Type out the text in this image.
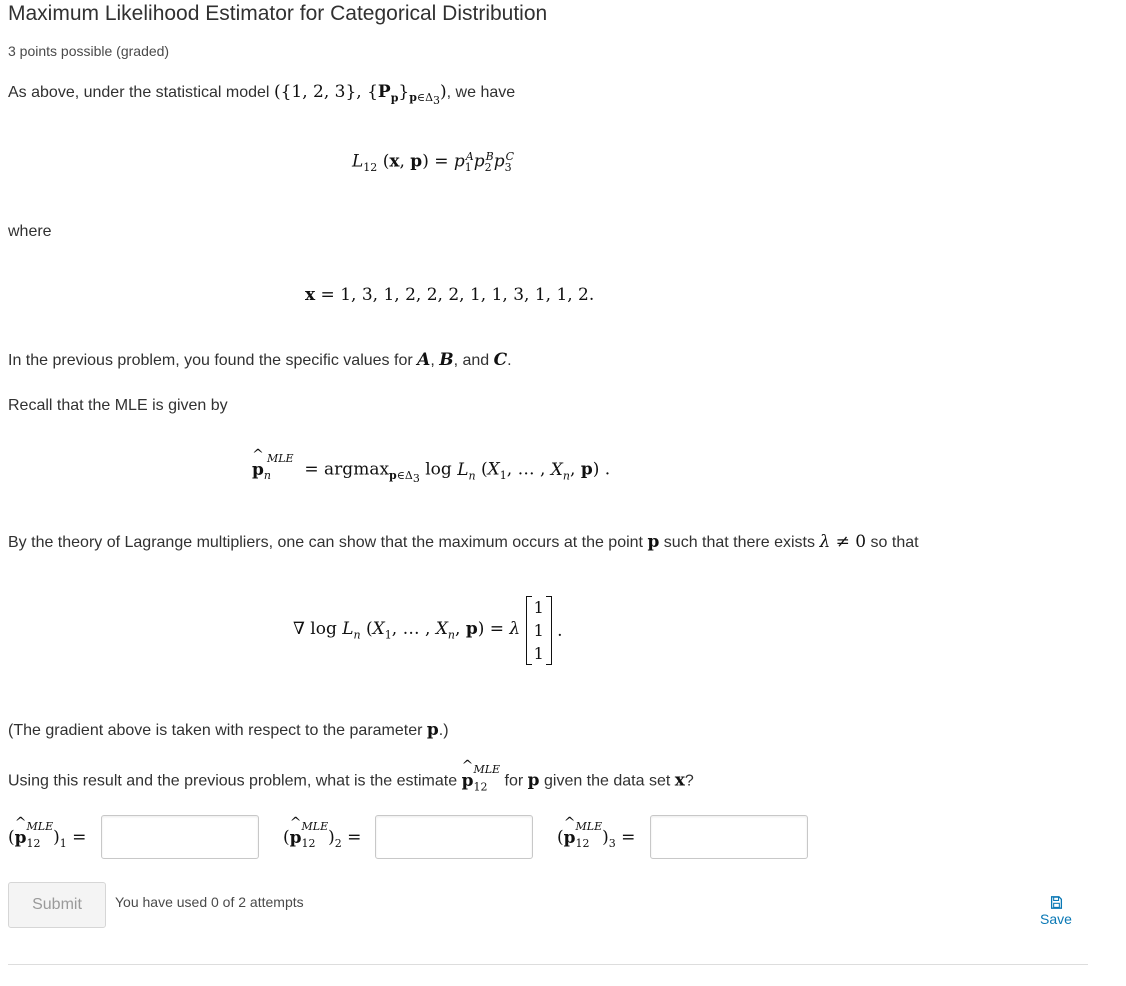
Maximum Likelihood Estimator for Categorical Distribution
3 points possible (graded)
As above, under the statistical model ({1, 2, 3}, $\{P_p\}_{p\in\Delta_3}$), we have
$L_{12}$ (x, $p) = p_1^Ap_2^Bp_3^C$
where
x = 1, 3, 1, 2, 2, 2, 1, 1, 3, 1, 1, 2.
In the previous problem, you found the specific values for A, B, and C.
Recall that the MLE is given by
^
$p_n^{MLE} = argmax_{p\in\Delta_3}$ $\log L_n$ ($X_1$, … , $X_n$, p) .
By the theory of Lagrange multipliers, one can show that the maximum occurs at the point p such that there exists λ ≠ 0 so that
∇ $\log L_n$ ($X_1$, … , $X_n$, p) = λ
1
1
1
.
(The gradient above is taken with respect to the parameter p.)
Using this result and the previous problem, what is the estimate
^
$p_{12}^{MLE}$ for p given the data set x?
(
^
$p_{12}^{MLE})_1$ =	(
^
$p_{12}^{MLE})_2$ =	(
^
$p_{12}^{MLE})_3$ =
Submit	You have used 0 of 2 attempts
Save
